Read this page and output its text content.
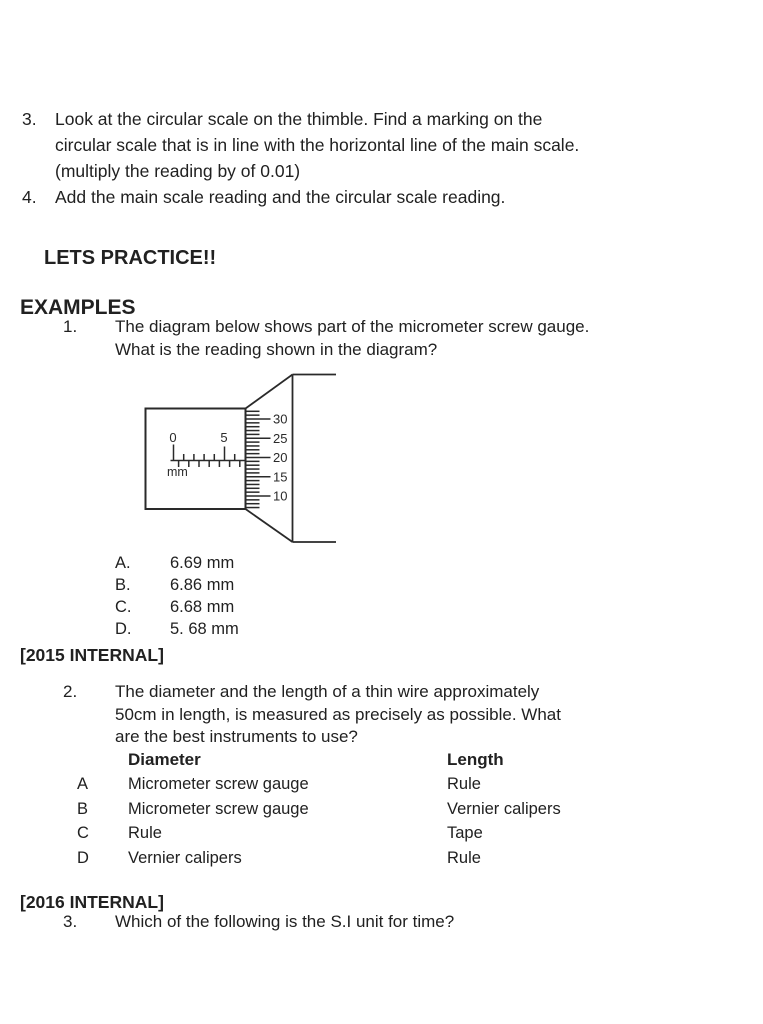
3.	Look at the circular scale on the thimble. Find a marking on the
circular scale that is in line with the horizontal line of the main scale.
(multiply the reading by of 0.01)
4.	Add the main scale reading and the circular scale reading.
LETS PRACTICE!!
EXAMPLES
1.	The diagram below shows part of the micrometer screw gauge.
What is the reading shown in the diagram?
0	5
mm
30
25
20
15
10
A.	6.69 mm
B.	6.86 mm
C.	6.68 mm
D.	5. 68 mm
[2015 INTERNAL]
2.	The diameter and the length of a thin wire approximately
50cm in length, is measured as precisely as possible. What
are the best instruments to use?
Diameter	Length
A	Micrometer screw gauge	Rule
B	Micrometer screw gauge	Vernier calipers
C	Rule	Tape
D	Vernier calipers	Rule
[2016 INTERNAL]
3.	Which of the following is the S.I unit for time?
